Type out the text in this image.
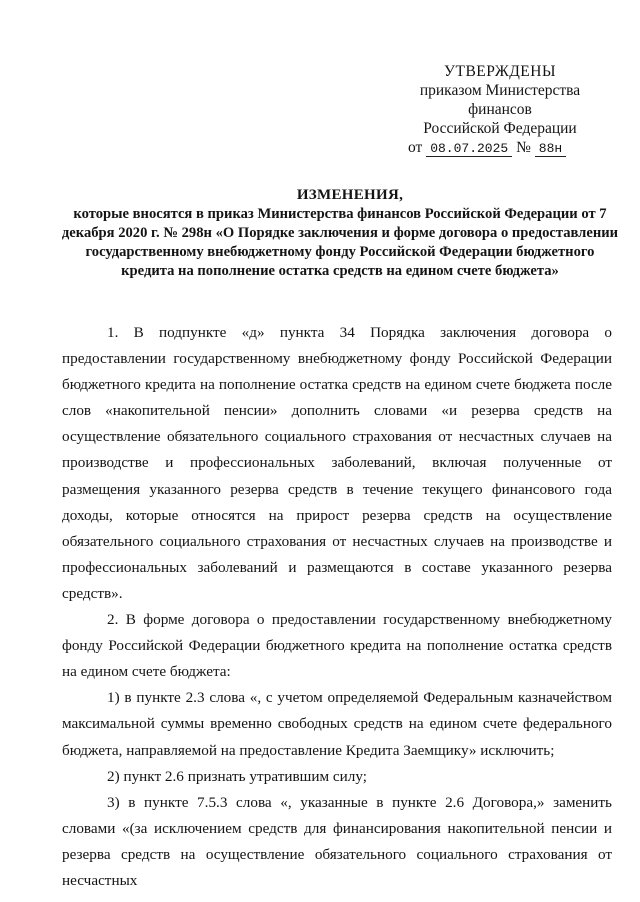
УТВЕРЖДЕНЫ
приказом Министерства финансов
Российской Федерации
от 08.07.2025 № 88н
ИЗМЕНЕНИЯ,
которые вносятся в приказ Министерства финансов Российской Федерации от 7 декабря 2020 г. № 298н «О Порядке заключения и форме договора о предоставлении государственному внебюджетному фонду Российской Федерации бюджетного кредита на пополнение остатка средств на едином счете бюджета»

1. В подпункте «д» пункта 34 Порядка заключения договора о предоставлении государственному внебюджетному фонду Российской Федерации бюджетного кредита на пополнение остатка средств на едином счете бюджета после слов «накопительной пенсии» дополнить словами «и резерва средств на осуществление обязательного социального страхования от несчастных случаев на производстве и профессиональных заболеваний, включая полученные от размещения указанного резерва средств в течение текущего финансового года доходы, которые относятся на прирост резерва средств на осуществление обязательного социального страхования от несчастных случаев на производстве и профессиональных заболеваний и размещаются в составе указанного резерва средств».

2. В форме договора о предоставлении государственному внебюджетному фонду Российской Федерации бюджетного кредита на пополнение остатка средств на едином счете бюджета:

1) в пункте 2.3 слова «, с учетом определяемой Федеральным казначейством максимальной суммы временно свободных средств на едином счете федерального бюджета, направляемой на предоставление Кредита Заемщику» исключить;

2) пункт 2.6 признать утратившим силу;

3) в пункте 7.5.3 слова «, указанные в пункте 2.6 Договора,» заменить словами «(за исключением средств для финансирования накопительной пенсии и резерва средств на осуществление обязательного социального страхования от несчастных
